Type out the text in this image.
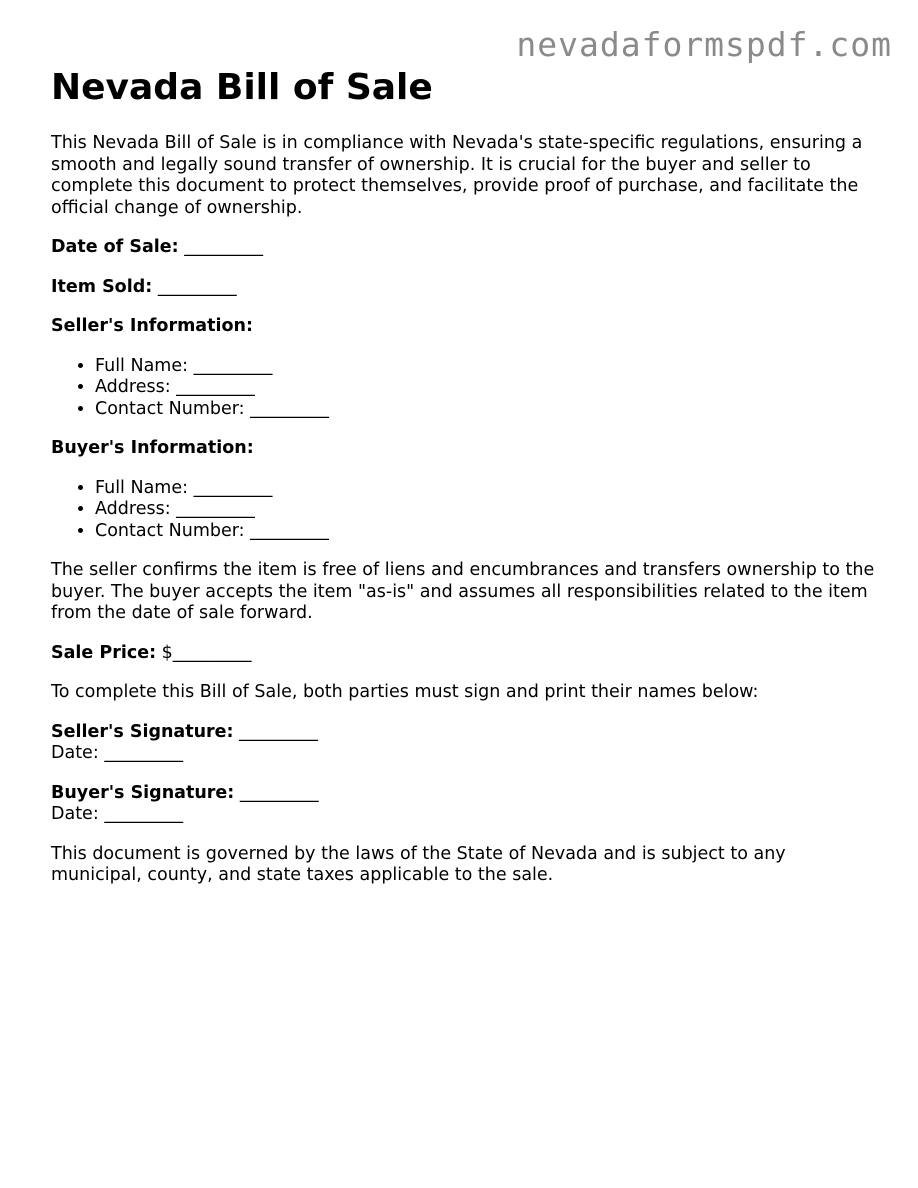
nevadaformspdf.com
Nevada Bill of Sale

This Nevada Bill of Sale is in compliance with Nevada's state-specific regulations, ensuring a smooth and legally sound transfer of ownership. It is crucial for the buyer and seller to complete this document to protect themselves, provide proof of purchase, and facilitate the official change of ownership.

Date of Sale: _________
Item Sold: _________
Seller's Information:
• Full Name: _________
• Address: _________
• Contact Number: _________
Buyer's Information:
• Full Name: _________
• Address: _________
• Contact Number: _________

The seller confirms the item is free of liens and encumbrances and transfers ownership to the buyer. The buyer accepts the item "as-is" and assumes all responsibilities related to the item from the date of sale forward.

Sale Price: $_________

To complete this Bill of Sale, both parties must sign and print their names below:

Seller's Signature: _________
Date: _________
Buyer's Signature: _________
Date: _________

This document is governed by the laws of the State of Nevada and is subject to any municipal, county, and state taxes applicable to the sale.
